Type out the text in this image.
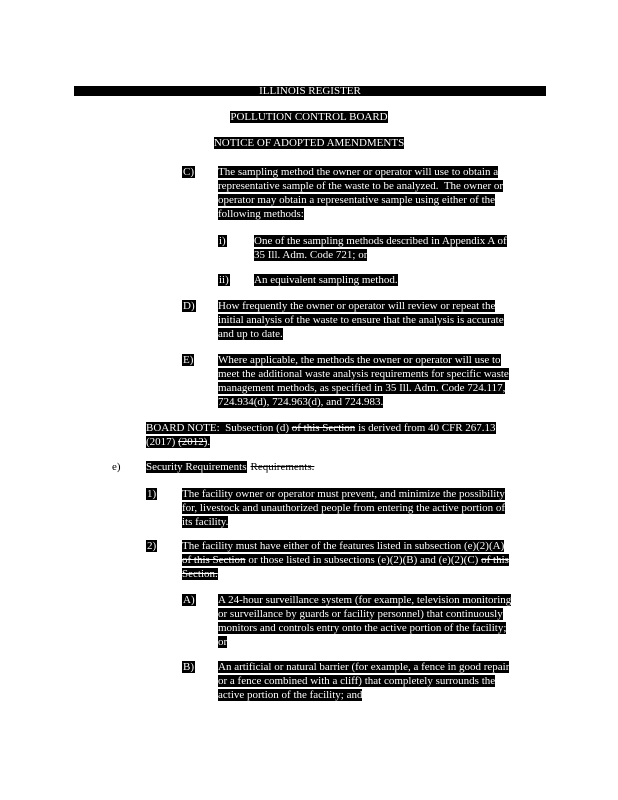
ILLINOIS REGISTER
POLLUTION CONTROL BOARD
NOTICE OF ADOPTED AMENDMENTS
C) The sampling method the owner or operator will use to obtain a
representative sample of the waste to be analyzed.  The owner or
operator may obtain a representative sample using either of the
following methods:
i)	One of the sampling methods described in Appendix A of
35 Ill. Adm. Code 721; or
ii) An equivalent sampling method.
D) How frequently the owner or operator will review or repeat the
initial analysis of the waste to ensure that the analysis is accurate
and up to date.
E) Where applicable, the methods the owner or operator will use to
meet the additional waste analysis requirements for specific waste
management methods, as specified in 35 Ill. Adm. Code 724.117,
724.934(d), 724.963(d), and 724.983.
BOARD NOTE:  Subsection (d) of this Section is derived from 40 CFR 267.13
(2017) (2012).
e) Security Requirements Requirements.
1) The facility owner or operator must prevent, and minimize the possibility
for, livestock and unauthorized people from entering the active portion of
its facility.
2) The facility must have either of the features listed in subsection (e)(2)(A)
of this Section or those listed in subsections (e)(2)(B) and (e)(2)(C) of this
Section.
A) A 24-hour surveillance system (for example, television monitoring
or surveillance by guards or facility personnel) that continuously
monitors and controls entry onto the active portion of the facility;
or
B) An artificial or natural barrier (for example, a fence in good repair
or a fence combined with a cliff) that completely surrounds the
active portion of the facility; and
